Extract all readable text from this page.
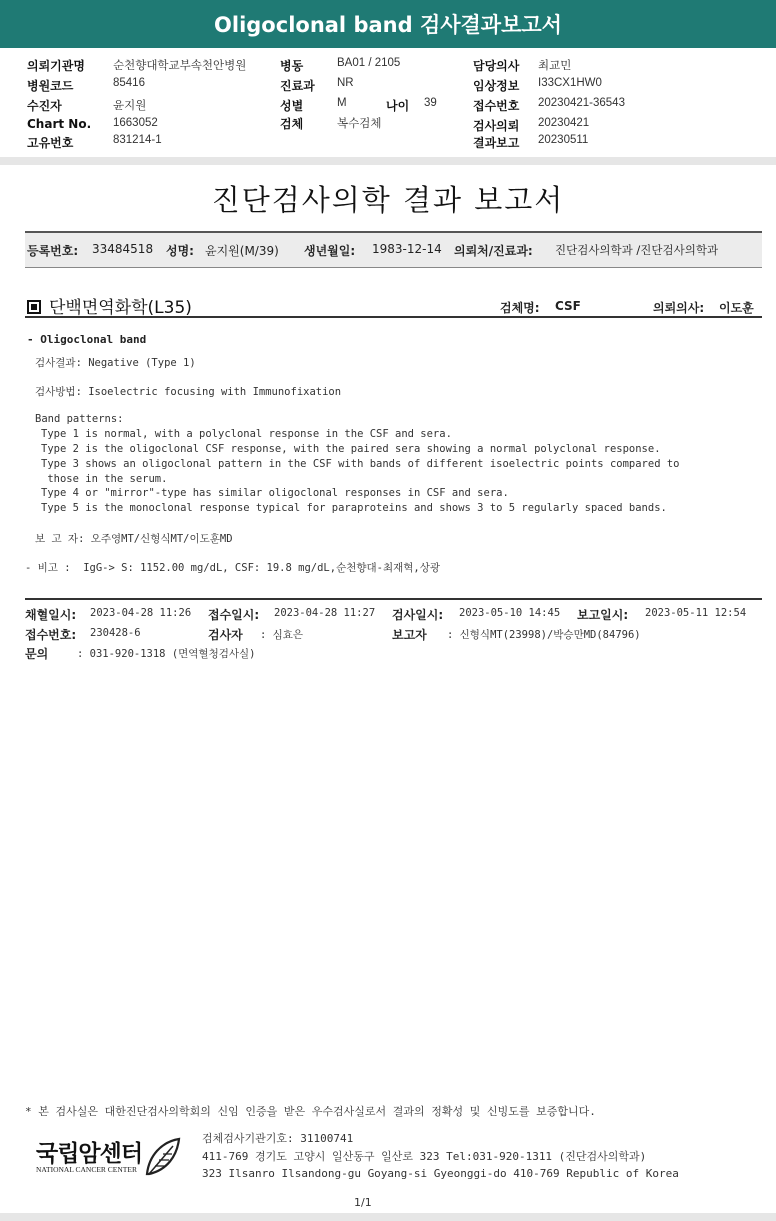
Oligoclonal band 검사결과보고서
의뢰기관명 순천향대학교부속천안병원
병원코드	85416
수진자	윤지원
Chart No. 1663052
고유번호	831214-1
병동	BA01 / 2105
진료과 NR
성별	M	나이 39
검체	복수검체
담당의사 최교민
임상정보 I33CX1HW0
접수번호 20230421-36543
검사의뢰 20230421
결과보고 20230511
진단검사의학 결과 보고서
등록번호: 33484518 성명: 윤지원(M/39) 생년월일: 1983-12-14 의뢰처/진료과: 진단검사의학과 /진단검사의학과
단백면역화학(L35)	검체명: CSF	의뢰의사: 이도훈
- Oligoclonal band
검사결과: Negative (Type 1)
검사방법: Isoelectric focusing with Immunofixation
Band patterns:
Type 1 is normal, with a polyclonal response in the CSF and sera.
Type 2 is the oligoclonal CSF response, with the paired sera showing a normal polyclonal response.
Type 3 shows an oligoclonal pattern in the CSF with bands of different isoelectric points compared to
those in the serum.
Type 4 or "mirror"-type has similar oligoclonal responses in CSF and sera.
Type 5 is the monoclonal response typical for paraproteins and shows 3 to 5 regularly spaced bands.
보 고 자: 오주영MT/신형식MT/이도훈MD
- 비고 :  IgG-> S: 1152.00 mg/dL, CSF: 19.8 mg/dL,순천향대-최재혁,상광
채혈일시: 2023-04-28 11:26 접수일시: 2023-04-28 11:27 검사일시: 2023-05-10 14:45 보고일시: 2023-05-11 12:54
접수번호: 230428-6	검사자 : 심효은	보고자 : 신형식MT(23998)/박승만MD(84796)
문의	: 031-920-1318 (면역혈청검사실)
* 본 검사실은 대한진단검사의학회의 신임 인증을 받은 우수검사실로서 결과의 정확성 및 신빙도를 보증합니다.
국립암센터
NATIONAL CANCER CENTER
검체검사기관기호: 31100741
411-769 경기도 고양시 일산동구 일산로 323 Tel:031-920-1311 (진단검사의학과)
323 Ilsanro Ilsandong-gu Goyang-si Gyeonggi-do 410-769 Republic of Korea
1/1
